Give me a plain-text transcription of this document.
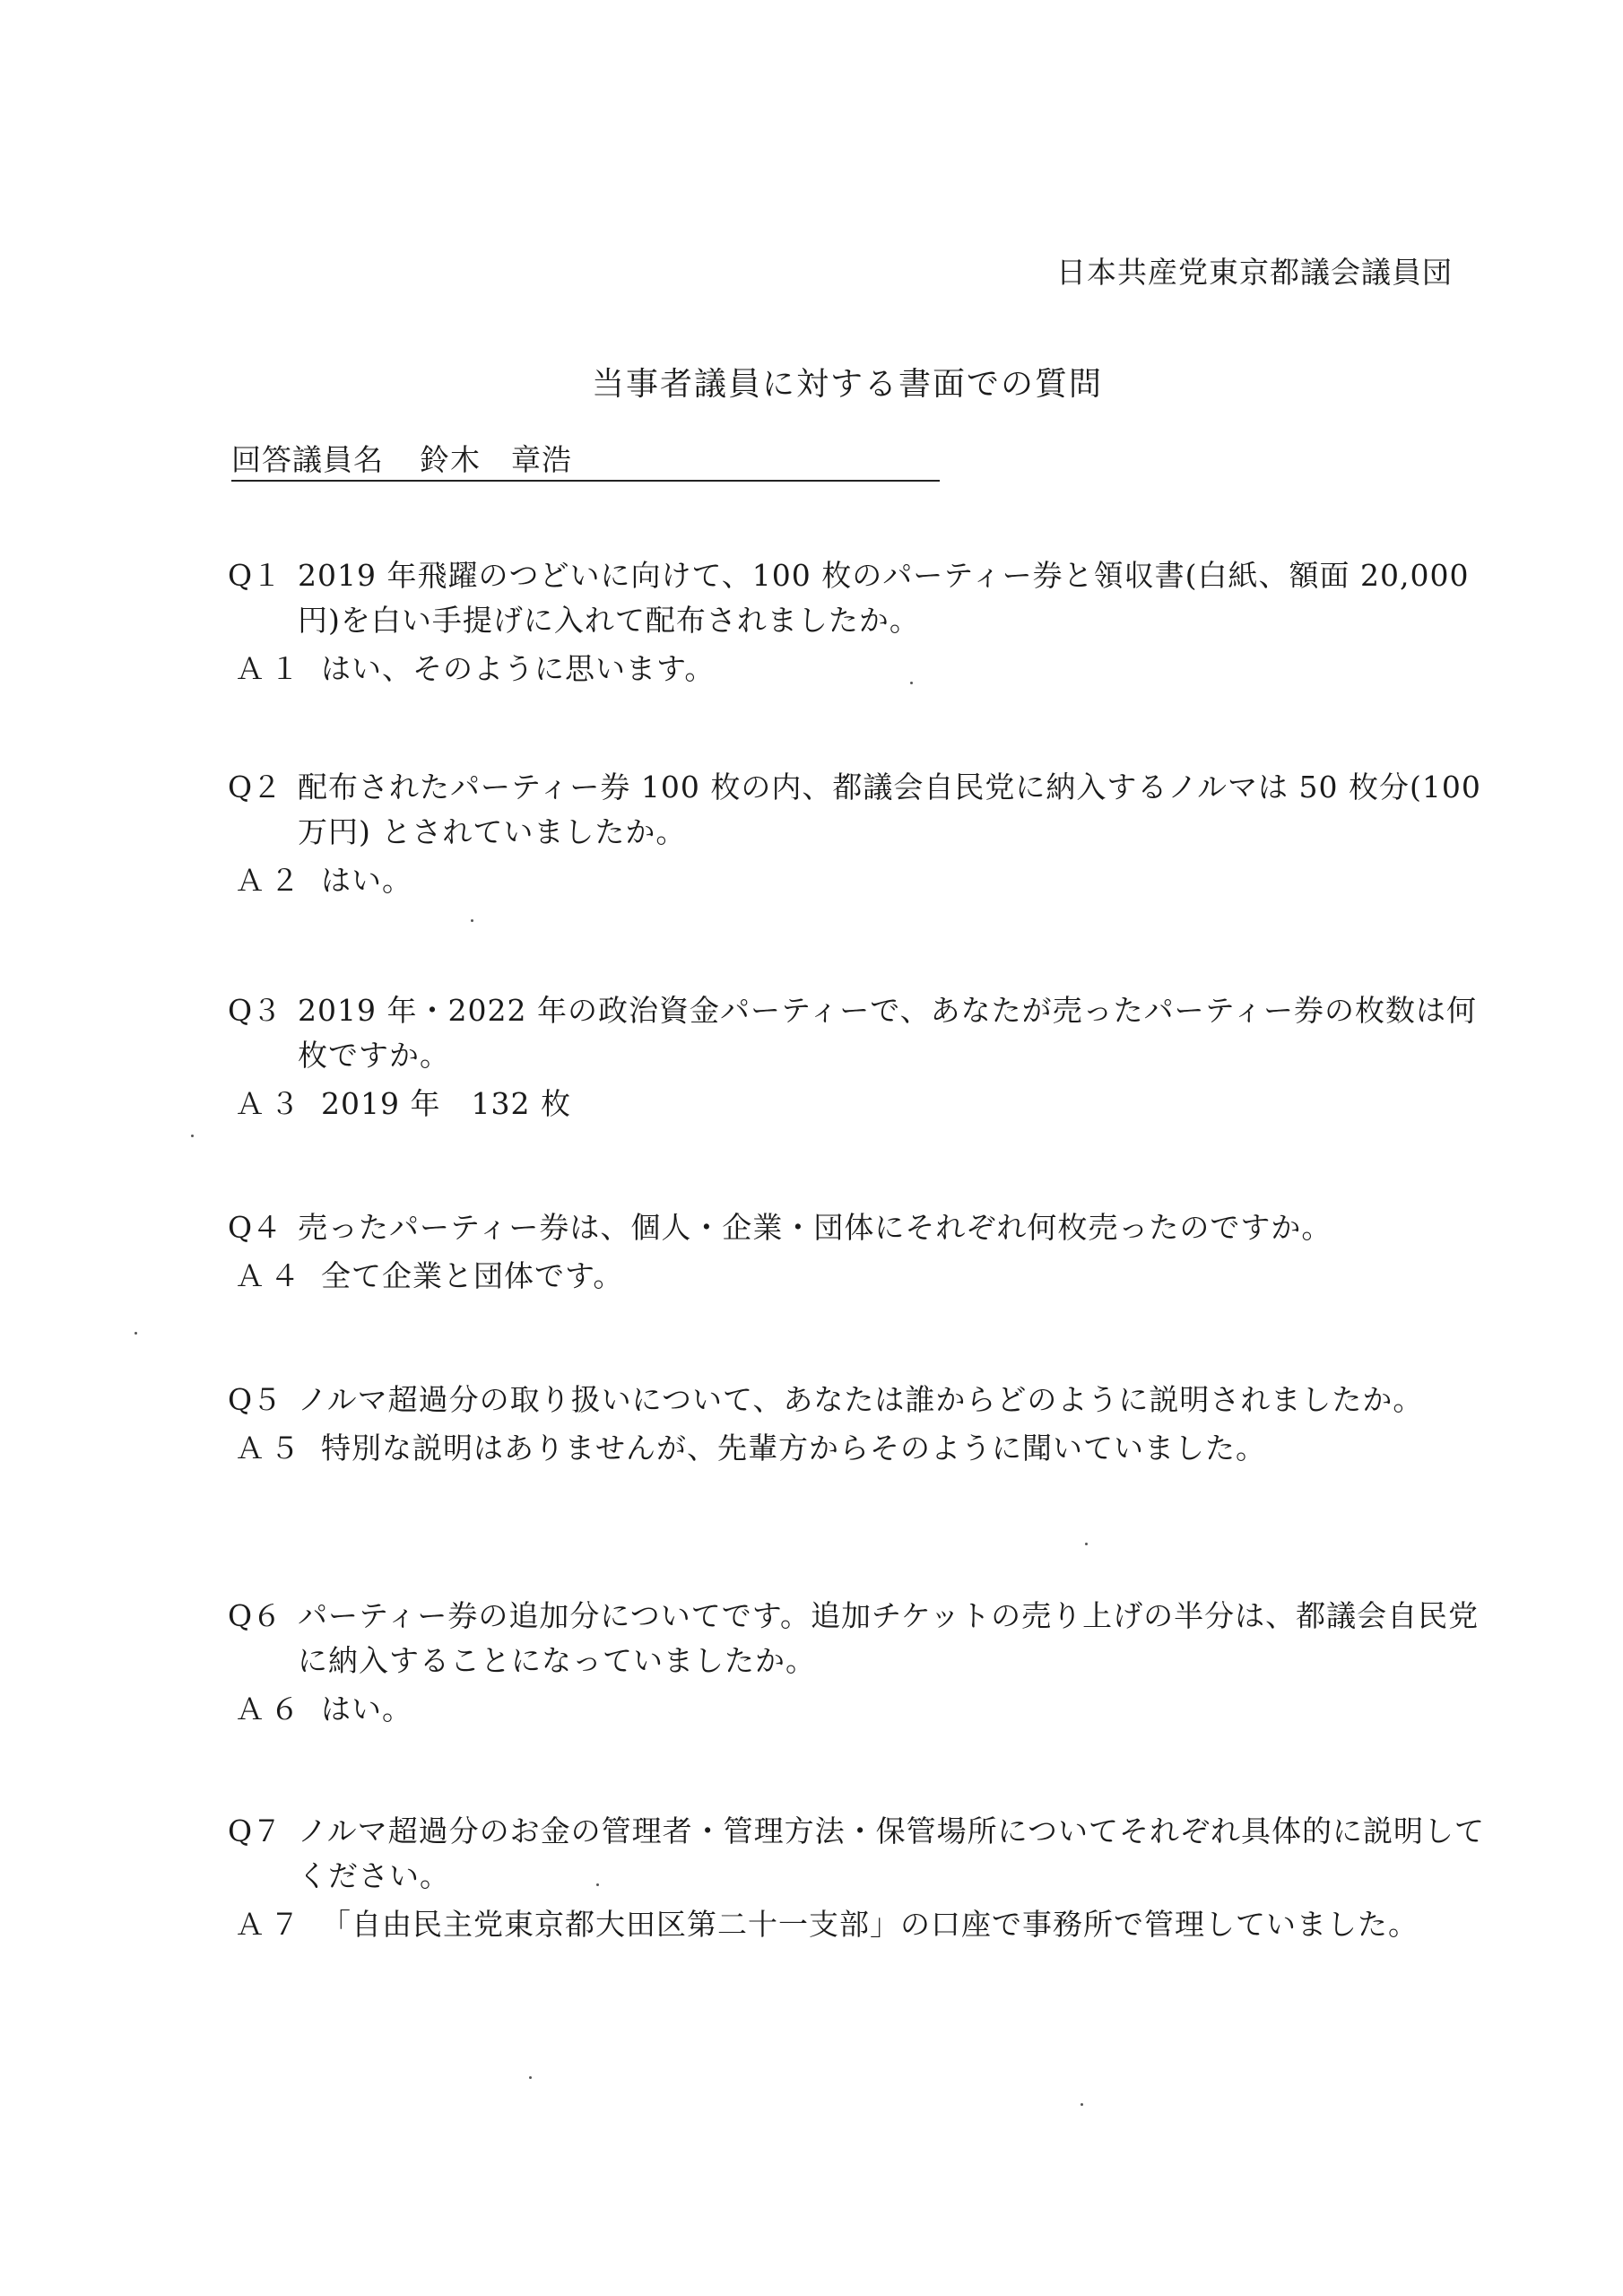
日本共産党東京都議会議員団
当事者議員に対する書面での質問
回答議員名 鈴木　章浩
Q１ 2019 年飛躍のつどいに向けて、100 枚のパーティー券と領収書(白紙、額面 20,000 円)を白い手提げに入れて配布されましたか。
Ａ１ はい、そのように思います。
Q２ 配布されたパーティー券 100 枚の内、都議会自民党に納入するノルマは 50 枚分(100 万円) とされていましたか。
Ａ２ はい。
Q３ 2019 年・2022 年の政治資金パーティーで、あなたが売ったパーティー券の枚数は何枚ですか。
Ａ３ 2019 年　132 枚
Q４ 売ったパーティー券は、個人・企業・団体にそれぞれ何枚売ったのですか。
Ａ４ 全て企業と団体です。
Q５ ノルマ超過分の取り扱いについて、あなたは誰からどのように説明されましたか。
Ａ５ 特別な説明はありませんが、先輩方からそのように聞いていました。
Q６ パーティー券の追加分についてです。追加チケットの売り上げの半分は、都議会自民党に納入することになっていましたか。
Ａ６ はい。
Q７ ノルマ超過分のお金の管理者・管理方法・保管場所についてそれぞれ具体的に説明してください。
Ａ７ 「自由民主党東京都大田区第二十一支部」の口座で事務所で管理していました。
